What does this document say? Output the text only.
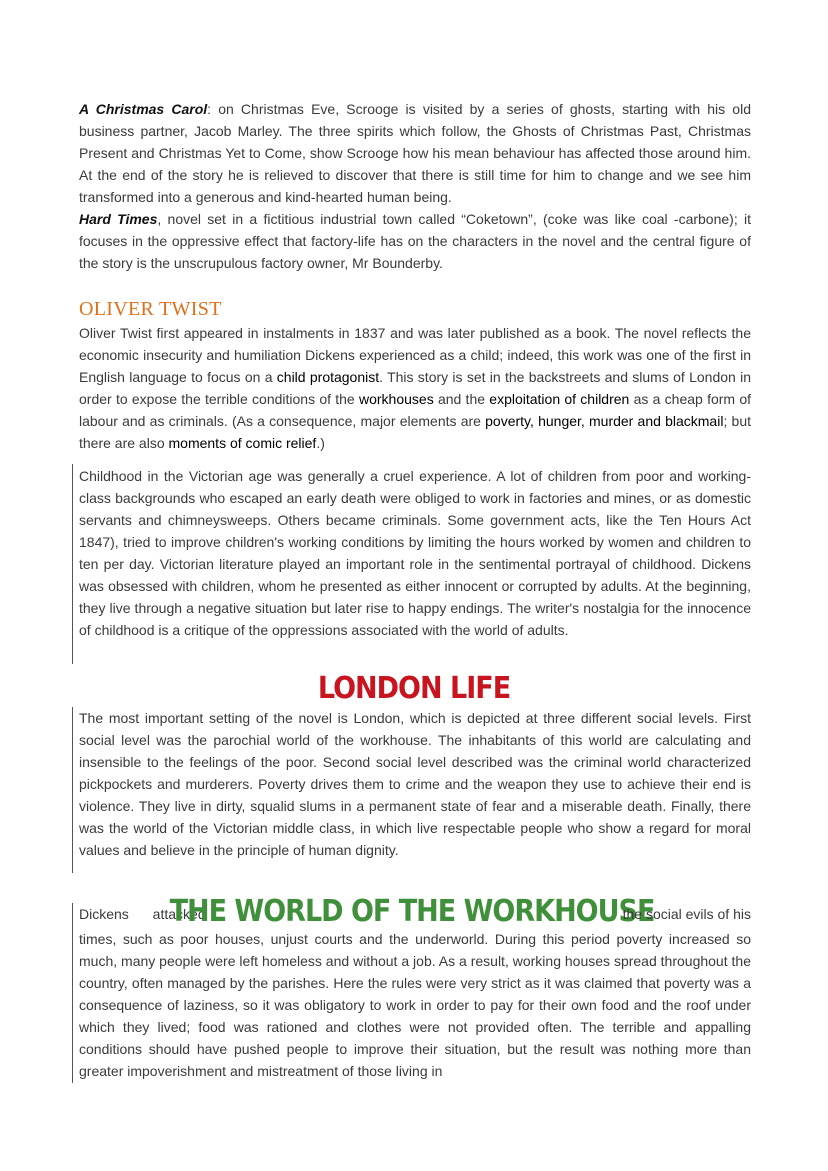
A Christmas Carol: on Christmas Eve, Scrooge is visited by a series of ghosts, starting with his old business partner, Jacob Marley. The three spirits which follow, the Ghosts of Christmas Past, Christmas Present and Christmas Yet to Come, show Scrooge how his mean behaviour has affected those around him. At the end of the story he is relieved to discover that there is still time for him to change and we see him transformed into a generous and kind-hearted human being.

Hard Times, novel set in a fictitious industrial town called “Coketown”, (coke was like coal -carbone); it focuses in the oppressive effect that factory-life has on the characters in the novel and the central figure of the story is the unscrupulous factory owner, Mr Bounderby.

OLIVER TWIST

Oliver Twist first appeared in instalments in 1837 and was later published as a book. The novel reflects the economic insecurity and humiliation Dickens experienced as a child; indeed, this work was one of the first in English language to focus on a child protagonist. This story is set in the backstreets and slums of London in order to expose the terrible conditions of the workhouses and the exploitation of children as a cheap form of labour and as criminals. (As a consequence, major elements are poverty, hunger, murder and blackmail; but there are also moments of comic relief.)

Childhood in the Victorian age was generally a cruel experience. A lot of children from poor and working-class backgrounds who escaped an early death were obliged to work in factories and mines, or as domestic servants and chimneysweeps. Others became criminals. Some government acts, like the Ten Hours Act 1847), tried to improve children's working conditions by limiting the hours worked by women and children to ten per day. Victorian literature played an important role in the sentimental portrayal of childhood. Dickens was obsessed with children, whom he presented as either innocent or corrupted by adults. At the beginning, they live through a negative situation but later rise to happy endings. The writer's nostalgia for the innocence of childhood is a critique of the oppressions associated with the world of adults.

LONDON LIFE

The most important setting of the novel is London, which is depicted at three different social levels. First social level was the parochial world of the workhouse. The inhabitants of this world are calculating and insensible to the feelings of the poor. Second social level described was the criminal world characterized pickpockets and murderers. Poverty drives them to crime and the weapon they use to achieve their end is violence. They live in dirty, squalid slums in a permanent state of fear and a miserable death. Finally, there was the world of the Victorian middle class, in which live respectable people who show a regard for moral values and believe in the principle of human dignity.

Dickens attacked
THE WORLD OF THE WORKHOUSE
the social evils of his

times, such as poor houses, unjust courts and the underworld. During this period poverty increased so much, many people were left homeless and without a job. As a result, working houses spread throughout the country, often managed by the parishes. Here the rules were very strict as it was claimed that poverty was a consequence of laziness, so it was obligatory to work in order to pay for their own food and the roof under which they lived; food was rationed and clothes were not provided often. The terrible and appalling conditions should have pushed people to improve their situation, but the result was nothing more than greater impoverishment and mistreatment of those living in
